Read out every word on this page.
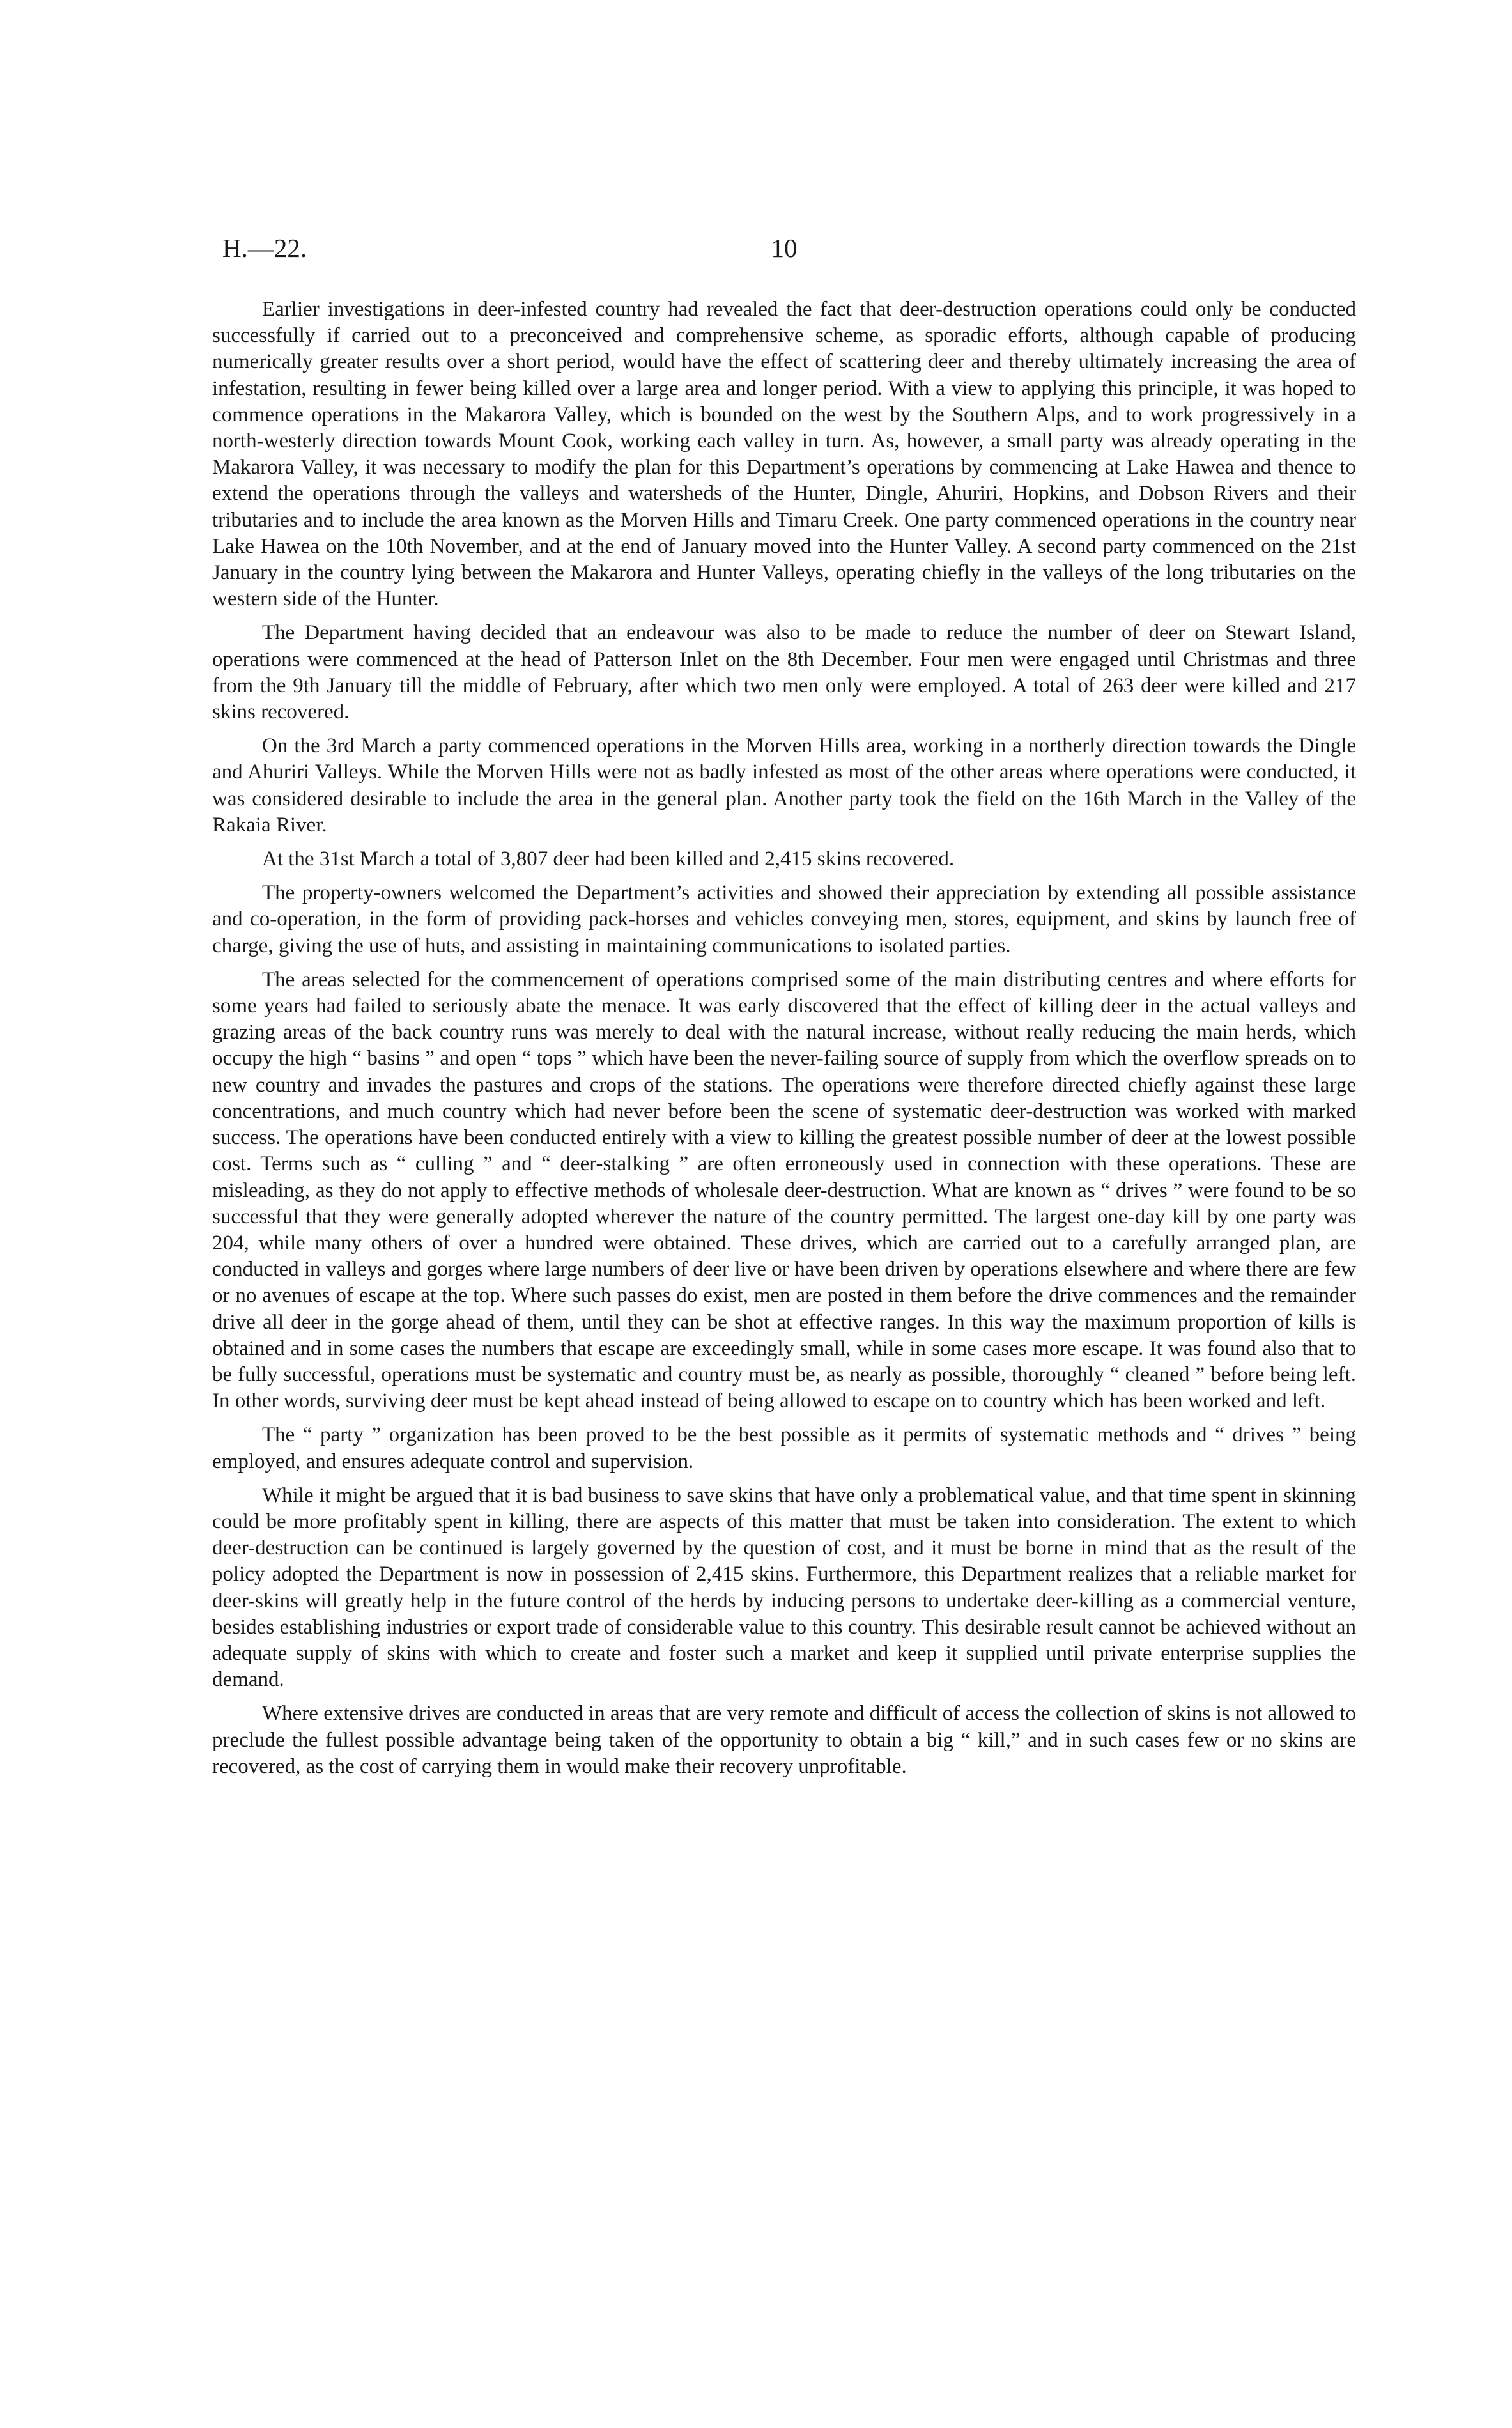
H.—22.	10

Earlier investigations in deer-infested country had revealed the fact that deer-destruction operations could only be conducted successfully if carried out to a preconceived and comprehensive scheme, as sporadic efforts, although capable of producing numerically greater results over a short period, would have the effect of scattering deer and thereby ultimately increasing the area of infestation, resulting in fewer being killed over a large area and longer period. With a view to applying this principle, it was hoped to commence operations in the Makarora Valley, which is bounded on the west by the Southern Alps, and to work progressively in a north-westerly direction towards Mount Cook, working each valley in turn. As, however, a small party was already operating in the Makarora Valley, it was necessary to modify the plan for this Department’s operations by commencing at Lake Hawea and thence to extend the operations through the valleys and watersheds of the Hunter, Dingle, Ahuriri, Hopkins, and Dobson Rivers and their tributaries and to include the area known as the Morven Hills and Timaru Creek. One party commenced operations in the country near Lake Hawea on the 10th November, and at the end of January moved into the Hunter Valley. A second party commenced on the 21st January in the country lying between the Makarora and Hunter Valleys, operating chiefly in the valleys of the long tributaries on the western side of the Hunter.

The Department having decided that an endeavour was also to be made to reduce the number of deer on Stewart Island, operations were commenced at the head of Patterson Inlet on the 8th December. Four men were engaged until Christmas and three from the 9th January till the middle of February, after which two men only were employed. A total of 263 deer were killed and 217 skins recovered.

On the 3rd March a party commenced operations in the Morven Hills area, working in a northerly direction towards the Dingle and Ahuriri Valleys. While the Morven Hills were not as badly infested as most of the other areas where operations were conducted, it was considered desirable to include the area in the general plan. Another party took the field on the 16th March in the Valley of the Rakaia River.

At the 31st March a total of 3,807 deer had been killed and 2,415 skins recovered.

The property-owners welcomed the Department’s activities and showed their appreciation by extending all possible assistance and co-operation, in the form of providing pack-horses and vehicles conveying men, stores, equipment, and skins by launch free of charge, giving the use of huts, and assisting in maintaining communications to isolated parties.

The areas selected for the commencement of operations comprised some of the main distributing centres and where efforts for some years had failed to seriously abate the menace. It was early discovered that the effect of killing deer in the actual valleys and grazing areas of the back country runs was merely to deal with the natural increase, without really reducing the main herds, which occupy the high “ basins ” and open “ tops ” which have been the never-failing source of supply from which the overflow spreads on to new country and invades the pastures and crops of the stations. The operations were therefore directed chiefly against these large concentrations, and much country which had never before been the scene of systematic deer-destruction was worked with marked success. The operations have been conducted entirely with a view to killing the greatest possible number of deer at the lowest possible cost. Terms such as “ culling ” and “ deer-stalking ” are often erroneously used in connection with these operations. These are misleading, as they do not apply to effective methods of wholesale deer-destruction. What are known as “ drives ” were found to be so successful that they were generally adopted wherever the nature of the country permitted. The largest one-day kill by one party was 204, while many others of over a hundred were obtained. These drives, which are carried out to a carefully arranged plan, are conducted in valleys and gorges where large numbers of deer live or have been driven by operations elsewhere and where there are few or no avenues of escape at the top. Where such passes do exist, men are posted in them before the drive commences and the remainder drive all deer in the gorge ahead of them, until they can be shot at effective ranges. In this way the maximum proportion of kills is obtained and in some cases the numbers that escape are exceedingly small, while in some cases more escape. It was found also that to be fully successful, operations must be systematic and country must be, as nearly as possible, thoroughly “ cleaned ” before being left. In other words, surviving deer must be kept ahead instead of being allowed to escape on to country which has been worked and left.

The “ party ” organization has been proved to be the best possible as it permits of systematic methods and “ drives ” being employed, and ensures adequate control and supervision.

While it might be argued that it is bad business to save skins that have only a problematical value, and that time spent in skinning could be more profitably spent in killing, there are aspects of this matter that must be taken into consideration. The extent to which deer-destruction can be continued is largely governed by the question of cost, and it must be borne in mind that as the result of the policy adopted the Department is now in possession of 2,415 skins. Furthermore, this Department realizes that a reliable market for deer-skins will greatly help in the future control of the herds by inducing persons to undertake deer-killing as a commercial venture, besides establishing industries or export trade of considerable value to this country. This desirable result cannot be achieved without an adequate supply of skins with which to create and foster such a market and keep it supplied until private enterprise supplies the demand.

Where extensive drives are conducted in areas that are very remote and difficult of access the collection of skins is not allowed to preclude the fullest possible advantage being taken of the opportunity to obtain a big “ kill,” and in such cases few or no skins are recovered, as the cost of carrying them in would make their recovery unprofitable.
